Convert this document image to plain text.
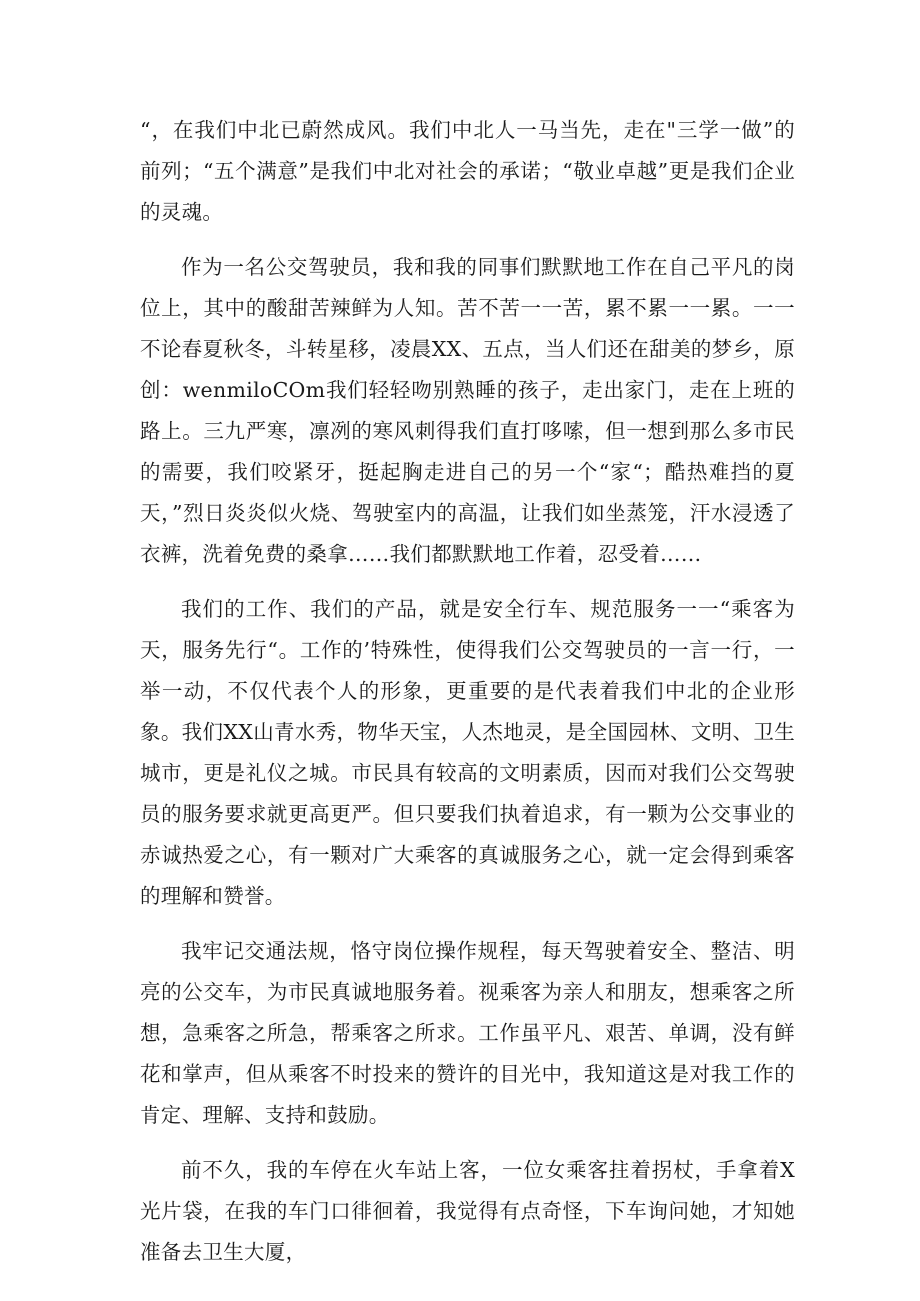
“，在我们中北已蔚然成风。我们中北人一马当先，走在"三学一做”的前列；“五个满意”是我们中北对社会的承诺；“敬业卓越”更是我们企业的灵魂。

作为一名公交驾驶员，我和我的同事们默默地工作在自己平凡的岗位上，其中的酸甜苦辣鲜为人知。苦不苦一一苦，累不累一一累。一一不论春夏秋冬，斗转星移，凌晨XX、五点，当人们还在甜美的梦乡，原创：wenmiloCOm我们轻轻吻别熟睡的孩子，走出家门，走在上班的路上。三九严寒，凛冽的寒风刺得我们直打哆嗦，但一想到那么多市民的需要，我们咬紧牙，挺起胸走进自己的另一个“家“；酷热难挡的夏天，”烈日炎炎似火烧、驾驶室内的高温，让我们如坐蒸笼，汗水浸透了衣裤，洗着免费的桑拿……我们都默默地工作着，忍受着……

我们的工作、我们的产品，就是安全行车、规范服务一一“乘客为天，服务先行“。工作的’特殊性，使得我们公交驾驶员的一言一行，一举一动，不仅代表个人的形象，更重要的是代表着我们中北的企业形象。我们XX山青水秀，物华天宝，人杰地灵，是全国园林、文明、卫生城市，更是礼仪之城。市民具有较高的文明素质，因而对我们公交驾驶员的服务要求就更高更严。但只要我们执着追求，有一颗为公交事业的赤诚热爱之心，有一颗对广大乘客的真诚服务之心，就一定会得到乘客的理解和赞誉。

我牢记交通法规，恪守岗位操作规程，每天驾驶着安全、整洁、明亮的公交车，为市民真诚地服务着。视乘客为亲人和朋友，想乘客之所想，急乘客之所急，帮乘客之所求。工作虽平凡、艰苦、单调，没有鲜花和掌声，但从乘客不时投来的赞许的目光中，我知道这是对我工作的肯定、理解、支持和鼓励。

前不久，我的车停在火车站上客，一位女乘客拄着拐杖，手拿着X光片袋，在我的车门口徘徊着，我觉得有点奇怪，下车询问她，才知她准备去卫生大厦，
